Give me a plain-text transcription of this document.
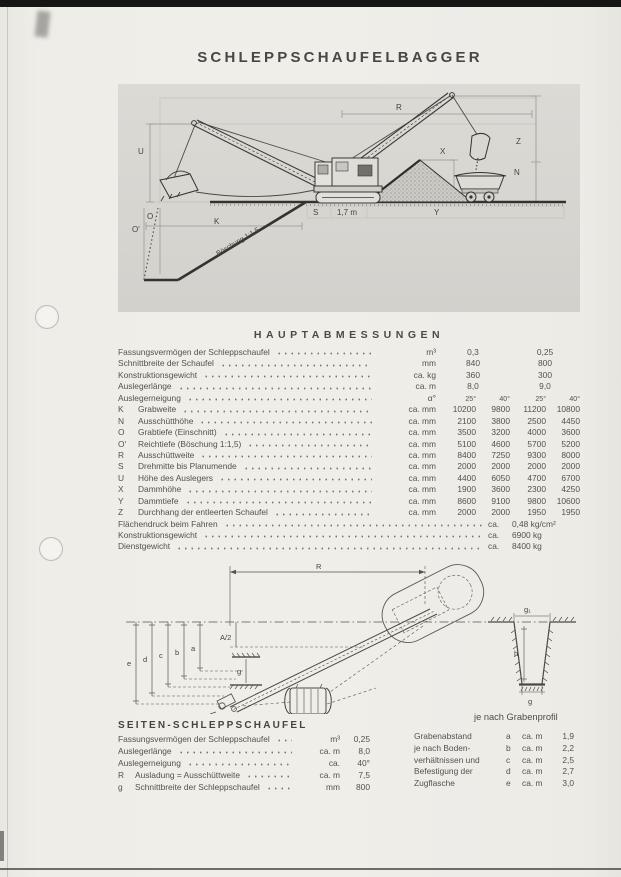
SCHLEPPSCHAUFELBAGGER
Böschung 1:1,5
U
O
O'
K
S 1,7 m	Y
R
X
Z
N
HAUPTABMESSUNGEN
Fassungsvermögen der Schleppschaufel	m³	0,3	0,25
Schnittbreite der Schaufel	mm	840	800
Konstruktionsgewicht	ca. kg	360	300
Auslegerlänge	ca. m	8,0	9,0
Auslegerneigung	α°	25°	40°	25°	40°
K	Grabweite	ca. mm	10200	9800	11200	10800
N	Ausschütthöhe	ca. mm	2100	3800	2500	4450
O	Grabtiefe (Einschnitt)	ca. mm	3500	3200	4000	3600
O'	Reichtiefe (Böschung 1:1,5)	ca. mm	5100	4600	5700	5200
R	Ausschüttweite	ca. mm	8400	7250	9300	8000
S	Drehmitte bis Planumende	ca. mm	2000	2000	2000	2000
U	Höhe des Auslegers	ca. mm	4400	6050	4700	6700
X	Dammhöhe	ca. mm	1900	3600	2300	4250
Y	Dammtiefe	ca. mm	8600	9100	9800	10600
Z	Durchhang der entleerten Schaufel	ca. mm	2000	2000	1950	1950
Flächendruck beim Fahren	ca.	0,48 kg/cm²
Konstruktionsgewicht	ca.	6900 kg
Dienstgewicht	ca.	8400 kg
R
A/2
a
b
c
d
e
g
g₁
h
g
je nach Grabenprofil
SEITEN-SCHLEPPSCHAUFEL
Fassungsvermögen der Schleppschaufel	m³	0,25
Auslegerlänge	ca. m	8,0
Auslegerneigung	ca.	40°
R	Ausladung = Ausschüttweite	ca. m	7,5
g	Schnittbreite der Schleppschaufel	mm	800
Grabenabstand	a	ca. m	1,9
je nach Boden-	b	ca. m	2,2
verhältnissen und	c	ca. m	2,5
Befestigung der	d	ca. m	2,7
Zugflasche	e	ca. m	3,0
